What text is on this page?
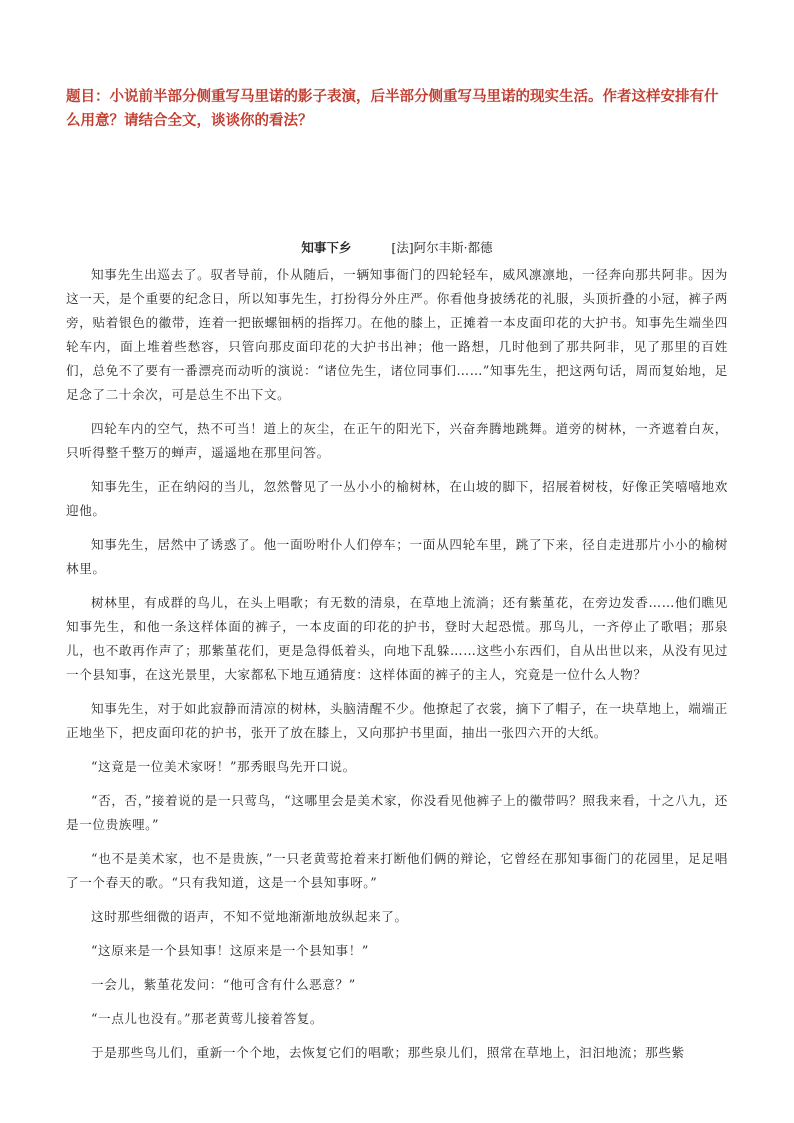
题目：小说前半部分侧重写马里诺的影子表演，后半部分侧重写马里诺的现实生活。作者这样安排有什么用意？请结合全文，谈谈你的看法？
知事下乡	[法]阿尔丰斯·都德

知事先生出巡去了。驭者导前，仆从随后，一辆知事衙门的四轮轻车，威风凛凛地，一径奔向那共阿非。因为这一天，是个重要的纪念日，所以知事先生，打扮得分外庄严。你看他身披绣花的礼服，头顶折叠的小冠，裤子两旁，贴着银色的徽带，连着一把嵌螺钿柄的指挥刀。在他的膝上，正摊着一本皮面印花的大护书。知事先生端坐四轮车内，面上堆着些愁容，只管向那皮面印花的大护书出神；他一路想，几时他到了那共阿非，见了那里的百姓们，总免不了要有一番漂亮而动听的演说：“诸位先生，诸位同事们……”知事先生，把这两句话，周而复始地，足足念了二十余次，可是总生不出下文。

四轮车内的空气，热不可当！道上的灰尘，在正午的阳光下，兴奋奔腾地跳舞。道旁的树林，一齐遮着白灰，只听得整千整万的蝉声，遥遥地在那里问答。

知事先生，正在纳闷的当儿，忽然瞥见了一丛小小的榆树林，在山坡的脚下，招展着树枝，好像正笑嘻嘻地欢迎他。

知事先生，居然中了诱惑了。他一面吩咐仆人们停车；一面从四轮车里，跳了下来，径自走进那片小小的榆树林里。

树林里，有成群的鸟儿，在头上唱歌；有无数的清泉，在草地上流淌；还有紫堇花，在旁边发香……他们瞧见知事先生，和他一条这样体面的裤子，一本皮面的印花的护书，登时大起恐慌。那鸟儿，一齐停止了歌唱；那泉儿，也不敢再作声了；那紫堇花们，更是急得低着头，向地下乱躲……这些小东西们，自从出世以来，从没有见过一个县知事，在这光景里，大家都私下地互通猜度：这样体面的裤子的主人，究竟是一位什么人物？

知事先生，对于如此寂静而清凉的树林，头脑清醒不少。他撩起了衣裳，摘下了帽子，在一块草地上，端端正正地坐下，把皮面印花的护书，张开了放在膝上，又向那护书里面，抽出一张四六开的大纸。

“这竟是一位美术家呀！”那秀眼鸟先开口说。

“否，否，”接着说的是一只莺鸟，“这哪里会是美术家，你没看见他裤子上的徽带吗？照我来看，十之八九，还是一位贵族哩。”

“也不是美术家，也不是贵族，”一只老黄莺抢着来打断他们俩的辩论，它曾经在那知事衙门的花园里，足足唱了一个春天的歌。“只有我知道，这是一个县知事呀。”

这时那些细微的语声，不知不觉地渐渐地放纵起来了。

“这原来是一个县知事！这原来是一个县知事！”

一会儿，紫堇花发问：“他可含有什么恶意？”

“一点儿也没有。”那老黄莺儿接着答复。

于是那些鸟儿们，重新一个个地，去恢复它们的唱歌；那些泉儿们，照常在草地上，汩汩地流；那些紫
